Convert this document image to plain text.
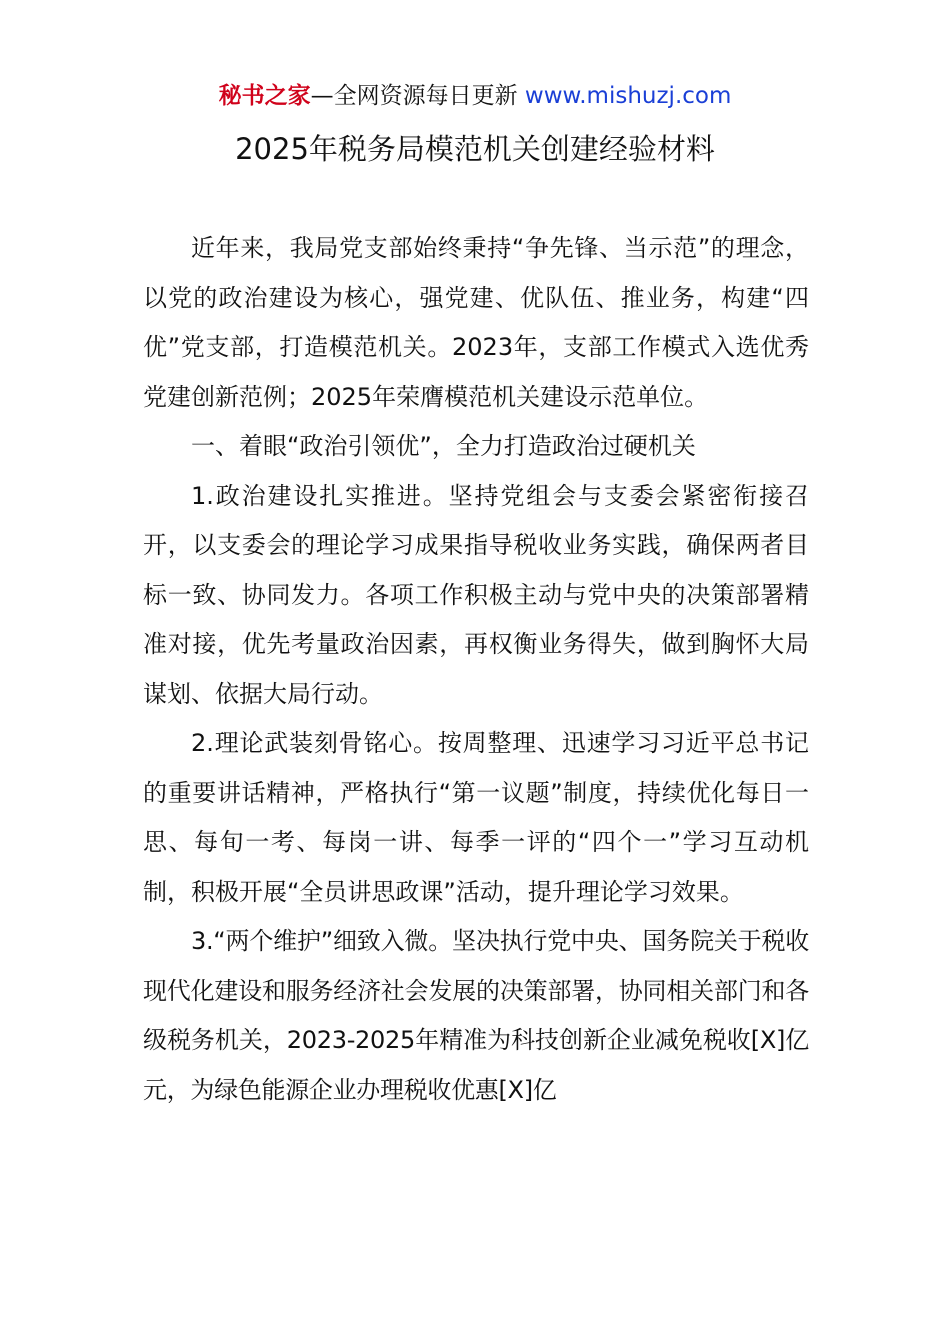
秘书之家—全网资源每日更新 www.mishuzj.com
2025年税务局模范机关创建经验材料

近年来，我局党支部始终秉持“争先锋、当示范”的理念，以党的政治建设为核心，强党建、优队伍、推业务，构建“四优”党支部，打造模范机关。2023年，支部工作模式入选优秀党建创新范例；2025年荣膺模范机关建设示范单位。

一、着眼“政治引领优”，全力打造政治过硬机关

1.政治建设扎实推进。坚持党组会与支委会紧密衔接召开，以支委会的理论学习成果指导税收业务实践，确保两者目标一致、协同发力。各项工作积极主动与党中央的决策部署精准对接，优先考量政治因素，再权衡业务得失，做到胸怀大局谋划、依据大局行动。

2.理论武装刻骨铭心。按周整理、迅速学习习近平总书记的重要讲话精神，严格执行“第一议题”制度，持续优化每日一思、每旬一考、每岗一讲、每季一评的“四个一”学习互动机制，积极开展“全员讲思政课”活动，提升理论学习效果。

3.“两个维护”细致入微。坚决执行党中央、国务院关于税收现代化建设和服务经济社会发展的决策部署，协同相关部门和各级税务机关，2023-2025年精准为科技创新企业减免税收[X]亿元，为绿色能源企业办理税收优惠[X]亿
